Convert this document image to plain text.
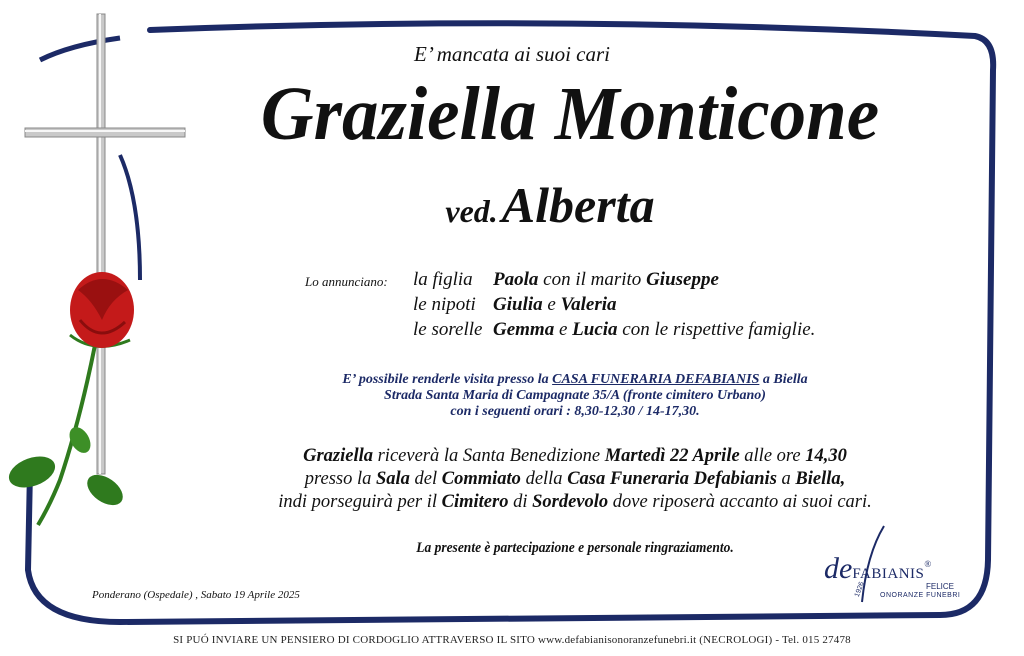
E’ mancata ai suoi cari
Graziella Monticone
ved. Alberta
Lo annunciano: la figlia
le nipoti
le sorelle
Paola con il marito Giuseppe
Giulia e Valeria
Gemma e Lucia con le rispettive famiglie.
E’ possibile renderle visita presso la CASA FUNERARIA DEFABIANIS a Biella
Strada Santa Maria di Campagnate 35/A (fronte cimitero Urbano)
con i seguenti orari : 8,30-12,30 / 14-17,30.
Graziella riceverà la Santa Benedizione Martedì 22 Aprile alle ore 14,30
presso la Sala del Commiato della Casa Funeraria Defabianis a Biella,
indi porseguirà per il Cimitero di Sordevolo dove riposerà accanto ai suoi cari.
La presente è partecipazione e personale ringraziamento.
Ponderano (Ospedale) , Sabato 19 Aprile 2025
deFABIANIS®
FELICE
ONORANZE FUNEBRI
1926
SI PUÓ INVIARE UN PENSIERO DI CORDOGLIO ATTRAVERSO IL SITO www.defabianisonoranzefunebri.it (NECROLOGI) - Tel. 015 27478
